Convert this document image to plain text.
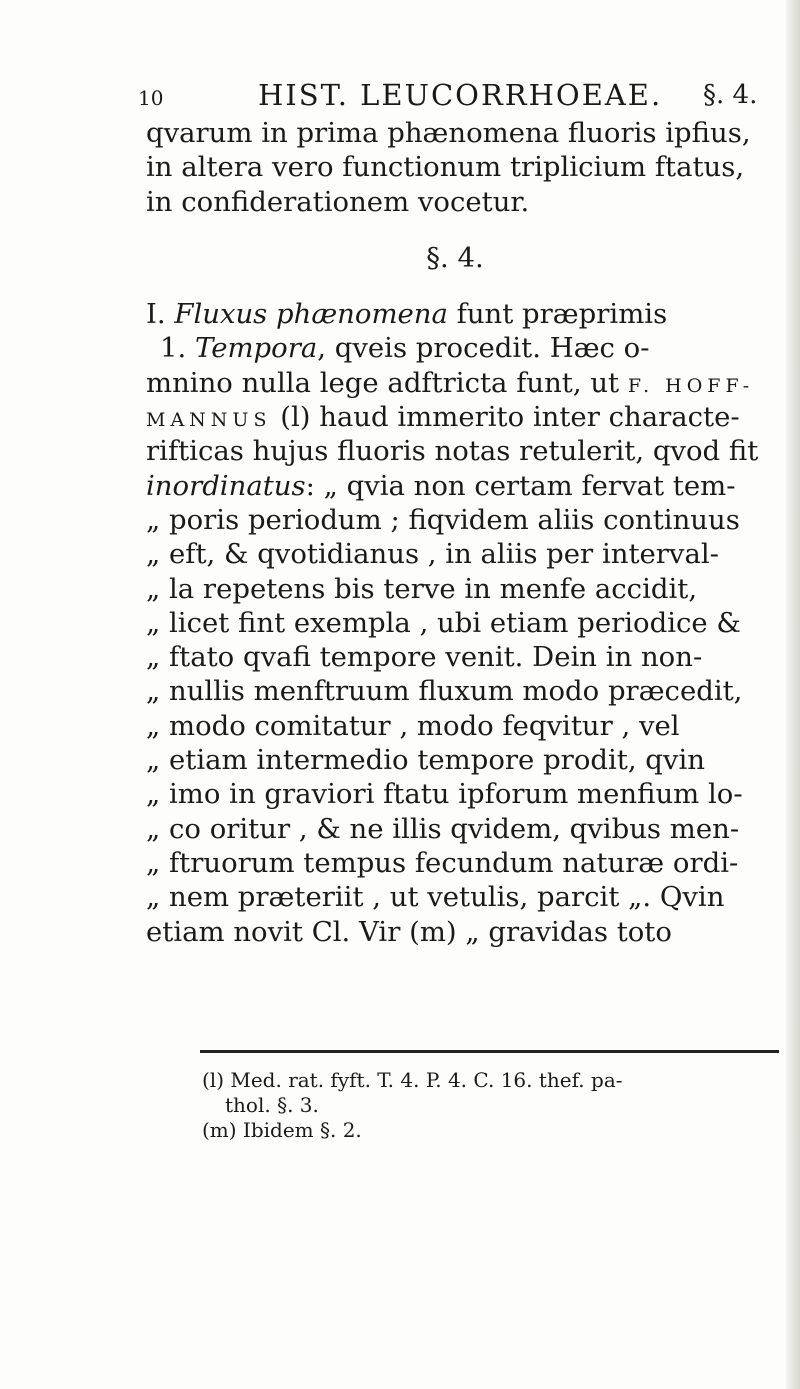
10	HIST. LEUCORRHOEAE. §. 4.
qvarum in prima phænomena fluoris ipfius,
in altera vero functionum triplicium ftatus,
in confiderationem vocetur.
§. 4.
I. Fluxus phænomena funt præprimis
1. Tempora, qveis procedit. Hæc o-
mnino nulla lege adftricta funt, ut F. HOFF-
MANNUS (l) haud immerito inter characte-
rifticas hujus fluoris notas retulerit, qvod fit
inordinatus: „ qvia non certam fervat tem-
„ poris periodum ; fiqvidem aliis continuus
„ eft, & qvotidianus , in aliis per interval-
„ la repetens bis terve in menfe accidit,
„ licet fint exempla , ubi etiam periodice &
„ ftato qvafi tempore venit. Dein in non-
„ nullis menftruum fluxum modo præcedit,
„ modo comitatur , modo feqvitur , vel
„ etiam intermedio tempore prodit, qvin
„ imo in graviori ftatu ipforum menfium lo-
„ co oritur , & ne illis qvidem, qvibus men-
„ ftruorum tempus fecundum naturæ ordi-
„ nem præteriit , ut vetulis, parcit „. Qvin
etiam novit Cl. Vir (m) „ gravidas toto
(l) Med. rat. fyft. T. 4. P. 4. C. 16. thef. pa-
thol. §. 3.
(m) Ibidem §. 2.
